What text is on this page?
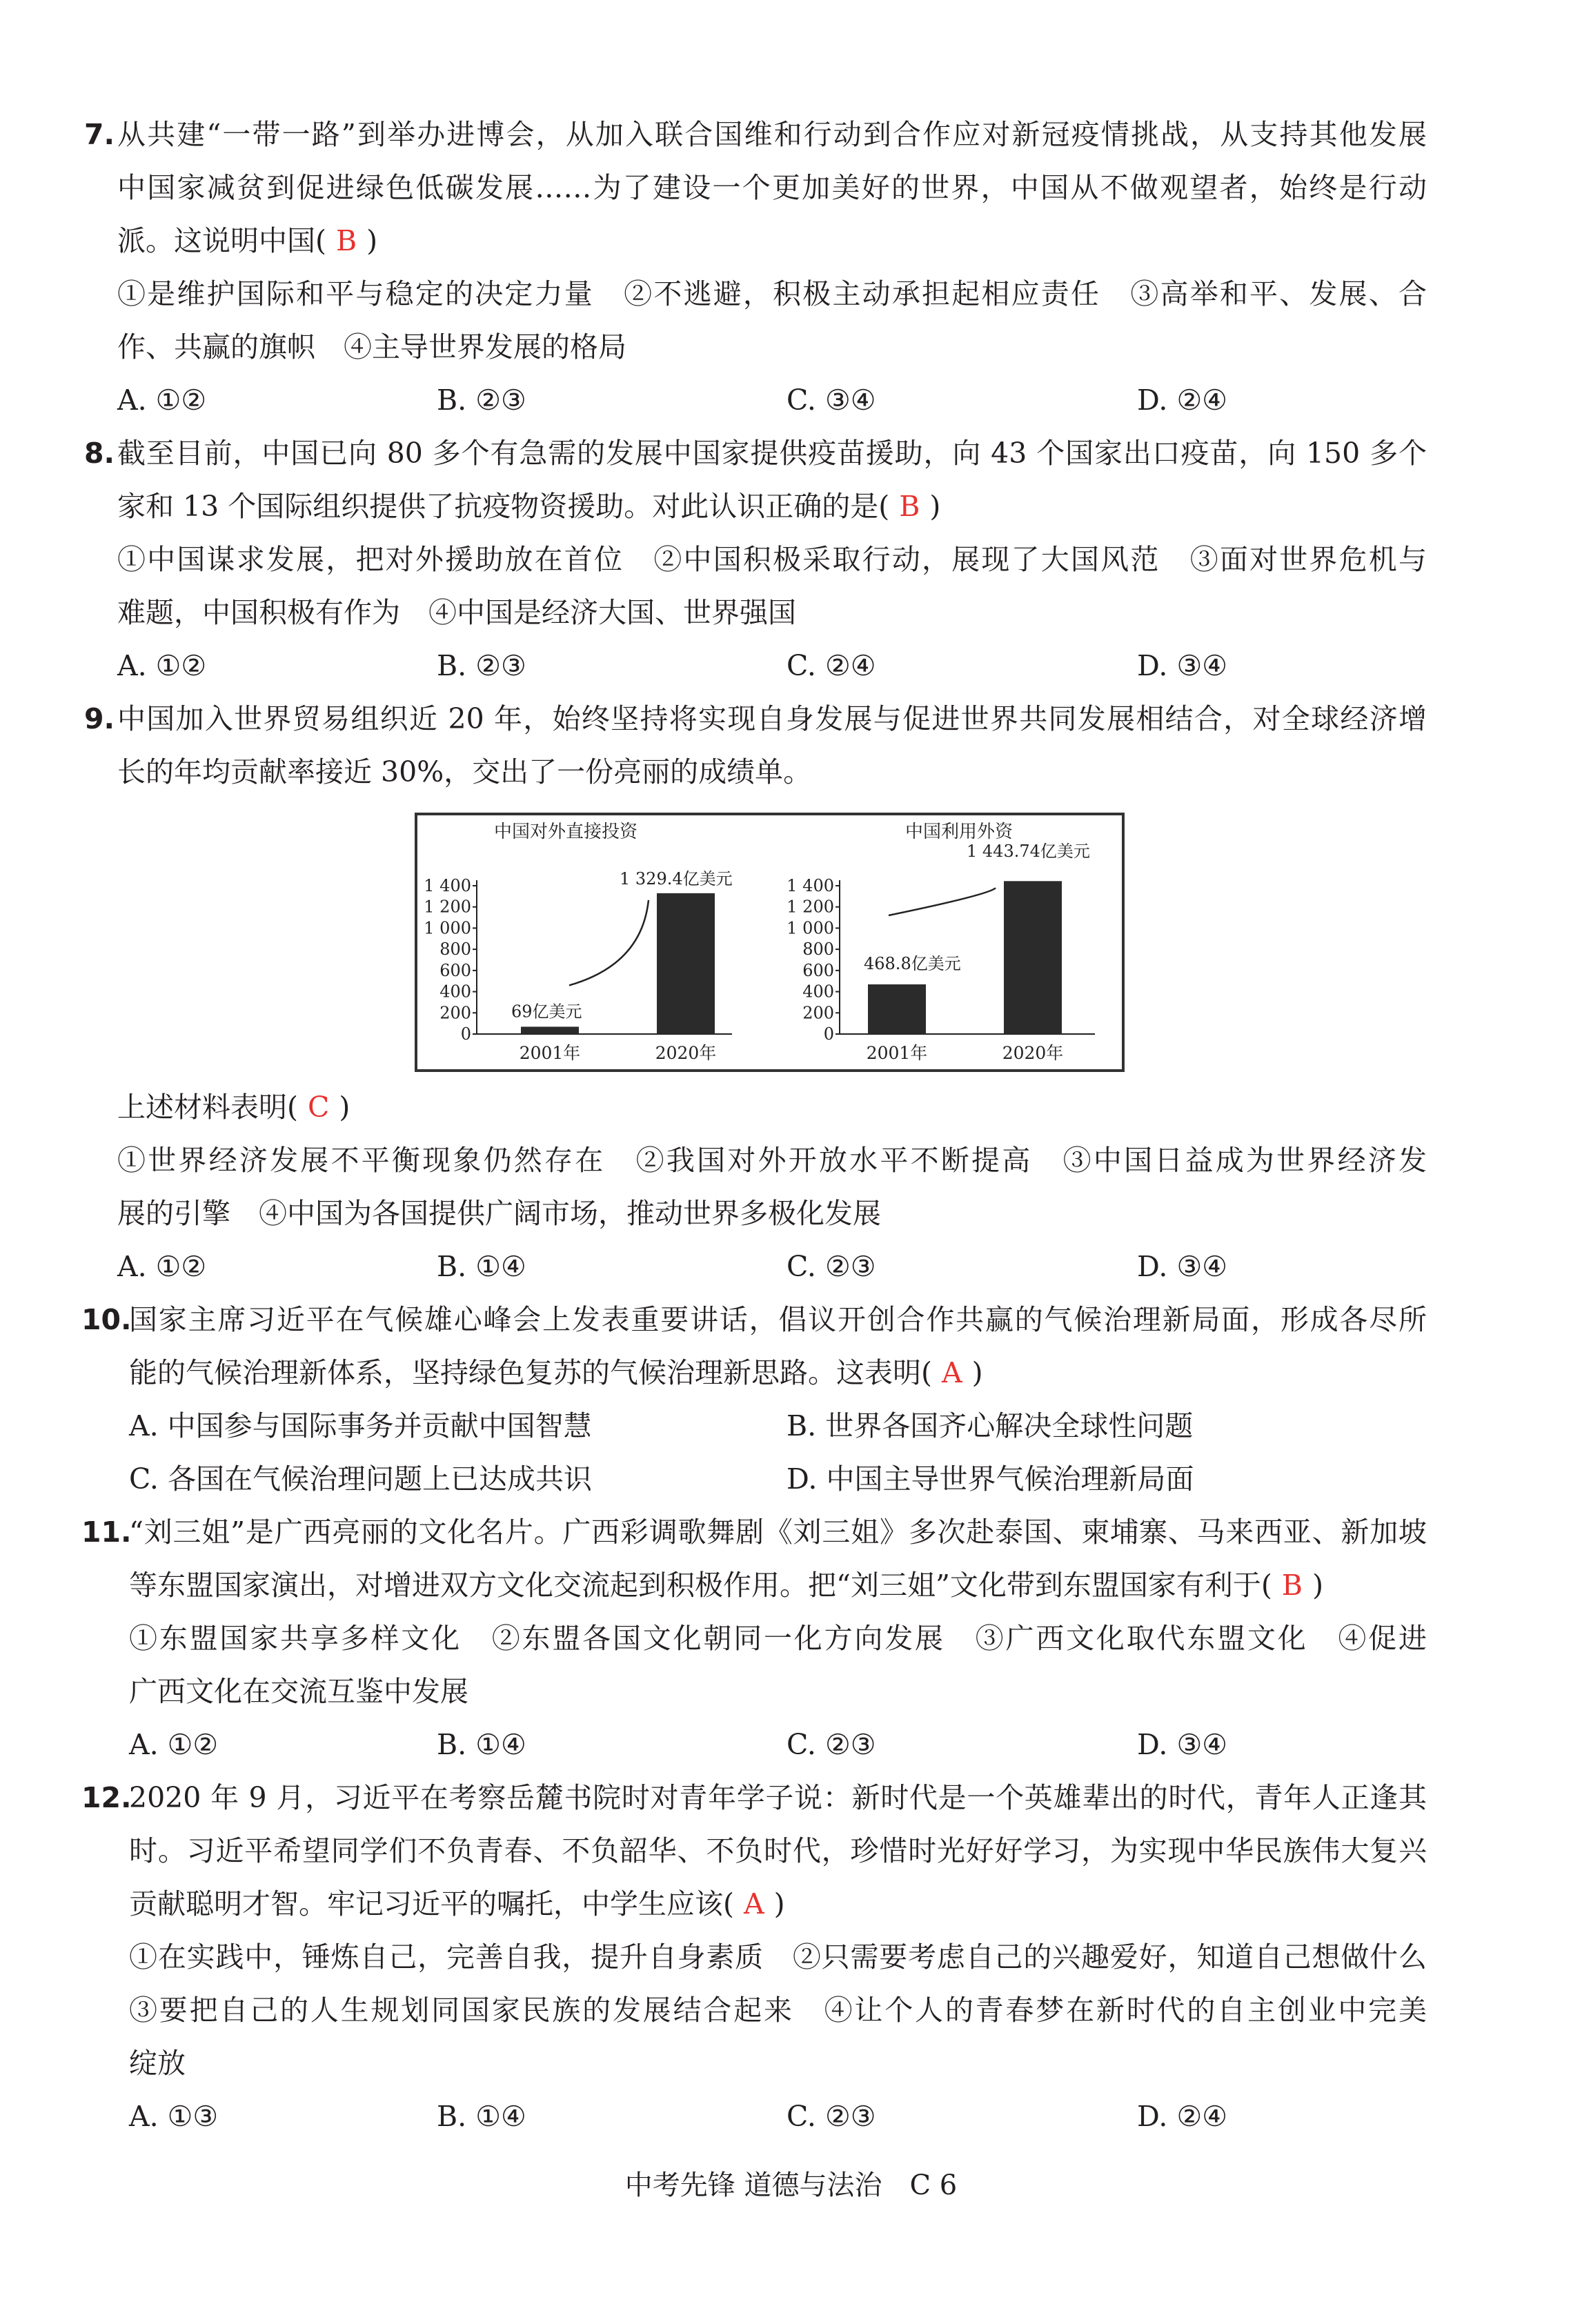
7. 从共建“一带一路”到举办进博会，从加入联合国维和行动到合作应对新冠疫情挑战，从支持其他发展
中国家减贫到促进绿色低碳发展……为了建设一个更加美好的世界，中国从不做观望者，始终是行动
派。这说明中国( B )
①是维护国际和平与稳定的决定力量　②不逃避，积极主动承担起相应责任　③高举和平、发展、合
作、共赢的旗帜　④主导世界发展的格局
A. ①②	B. ②③	C. ③④	D. ②④
8. 截至目前，中国已向 80 多个有急需的发展中国家提供疫苗援助，向 43 个国家出口疫苗，向 150 多个
家和 13 个国际组织提供了抗疫物资援助。对此认识正确的是( B )
①中国谋求发展，把对外援助放在首位　②中国积极采取行动，展现了大国风范　③面对世界危机与
难题，中国积极有作为　④中国是经济大国、世界强国
A. ①②	B. ②③	C. ②④	D. ③④
9. 中国加入世界贸易组织近 20 年，始终坚持将实现自身发展与促进世界共同发展相结合，对全球经济增
长的年均贡献率接近 30%，交出了一份亮丽的成绩单。
中国对外直接投资
0
200
400
600
800
1 000
1 200
1 400
2001年	2020年
69亿美元
1 329.4亿美元
中国利用外资
0
200
400
600
800
1 000
1 200
1 400
2001年	2020年
468.8亿美元
1 443.74亿美元
上述材料表明( C )
①世界经济发展不平衡现象仍然存在　②我国对外开放水平不断提高　③中国日益成为世界经济发
展的引擎　④中国为各国提供广阔市场，推动世界多极化发展
A. ①②	B. ①④	C. ②③	D. ③④
10.
国家主席习近平在气候雄心峰会上发表重要讲话，倡议开创合作共赢的气候治理新局面，形成各尽所
能的气候治理新体系，坚持绿色复苏的气候治理新思路。这表明( A )
A. 中国参与国际事务并贡献中国智慧	B. 世界各国齐心解决全球性问题
C. 各国在气候治理问题上已达成共识	D. 中国主导世界气候治理新局面
11.
“刘三姐”是广西亮丽的文化名片。广西彩调歌舞剧《刘三姐》多次赴泰国、柬埔寨、马来西亚、新加坡
等东盟国家演出，对增进双方文化交流起到积极作用。把“刘三姐”文化带到东盟国家有利于( B )
①东盟国家共享多样文化　②东盟各国文化朝同一化方向发展　③广西文化取代东盟文化　④促进
广西文化在交流互鉴中发展
A. ①②	B. ①④	C. ②③	D. ③④
12.
2020 年 9 月，习近平在考察岳麓书院时对青年学子说：新时代是一个英雄辈出的时代，青年人正逢其
时。习近平希望同学们不负青春、不负韶华、不负时代，珍惜时光好好学习，为实现中华民族伟大复兴
贡献聪明才智。牢记习近平的嘱托，中学生应该( A )
①在实践中，锤炼自己，完善自我，提升自身素质　②只需要考虑自己的兴趣爱好，知道自己想做什么
③要把自己的人生规划同国家民族的发展结合起来　④让个人的青春梦在新时代的自主创业中完美
绽放
A. ①③	B. ①④	C. ②③	D. ②④
中考先锋 道德与法治　C 6
